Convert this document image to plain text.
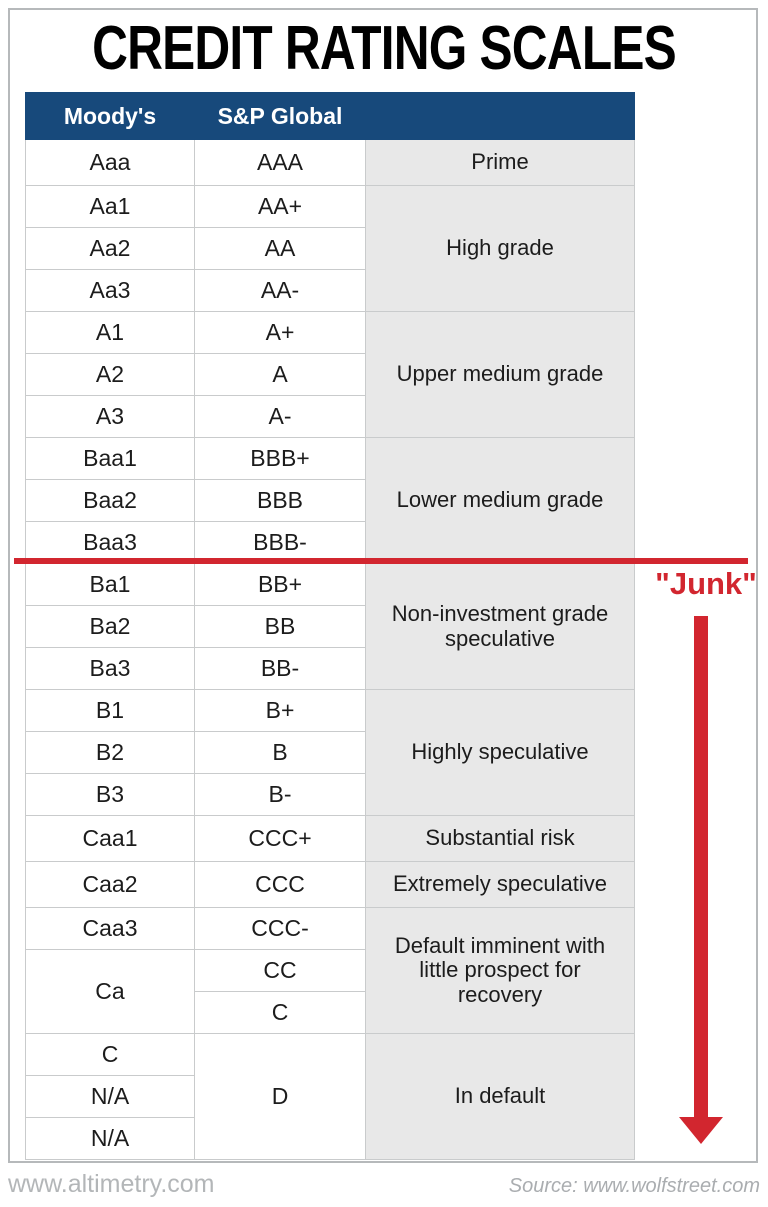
CREDIT RATING SCALES
Moody's	S&P Global	
Aaa	AAA	Prime
Aa1	AA+	High grade
Aa2	AA	
Aa3	AA-	
A1	A+	Upper medium grade
A2	A	
A3	A-	
Baa1	BBB+	Lower medium grade
Baa2	BBB	
Baa3	BBB-	
Ba1	BB+	Non-investment grade speculative
Ba2	BB	
Ba3	BB-	
B1	B+	Highly speculative
B2	B	
B3	B-	
Caa1	CCC+	Substantial risk
Caa2	CCC	Extremely speculative
Caa3	CCC-	Default imminent with little prospect for recovery
Ca	CC	
	C	
C	D	In default
N/A		
N/A		
"Junk"
www.altimetry.com	Source: www.wolfstreet.com
